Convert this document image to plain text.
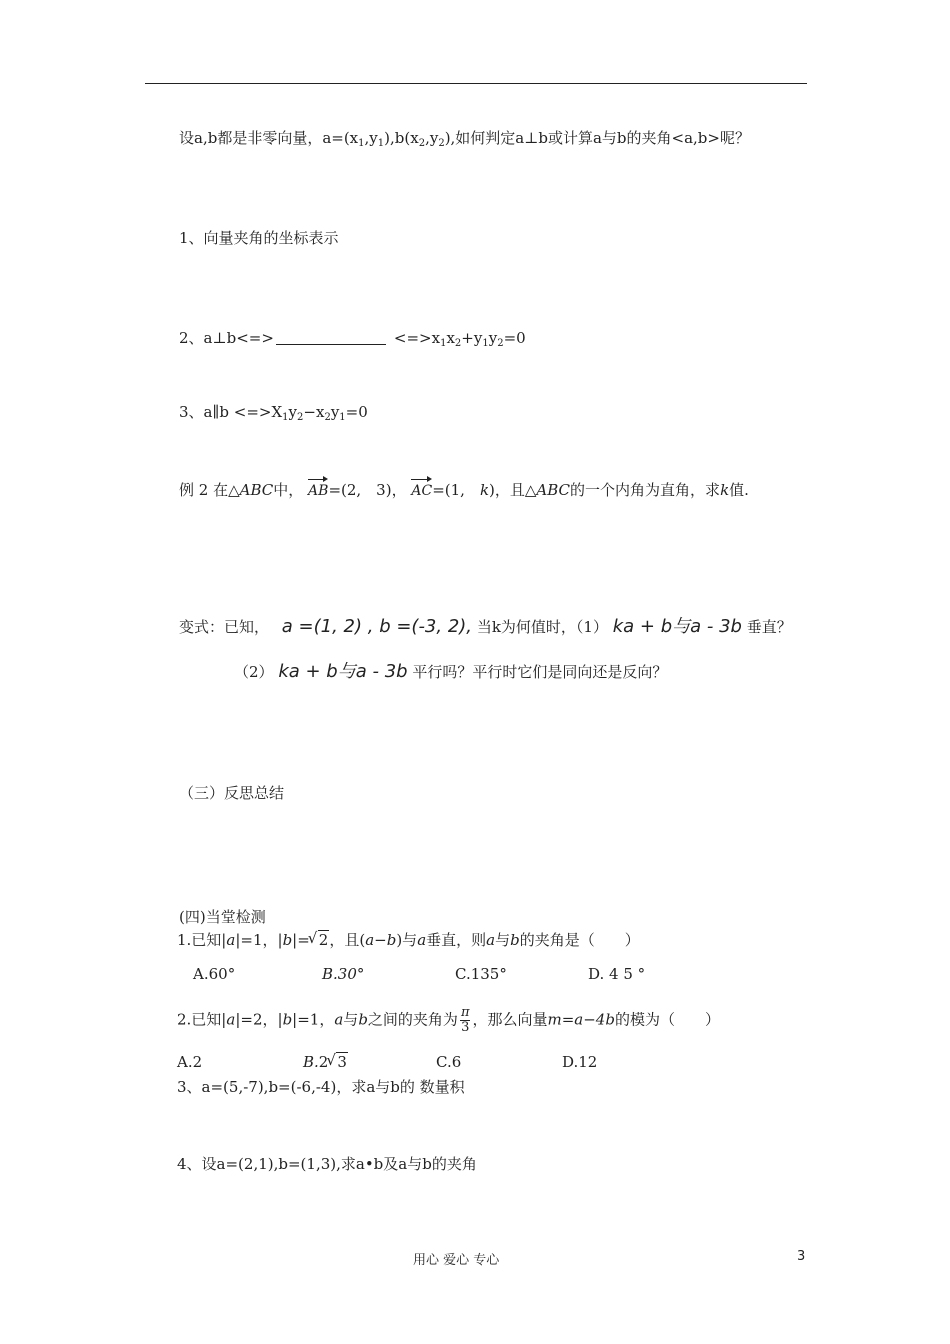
设a,b都是非零向量，$a=(x_1,y_1),b(x_2,y_2)$,如何判定a⊥b或计算a与b的夹角<a,b>呢？
1、向量夹角的坐标表示
2、a⊥b<=>	$<=>x_1x_2+y_1y_2=0$
3、a∥b $<=>X_1y_2-x_2y_1=0$
例 2 在△ABC中， AB=(2,　3)， AC=(1,　k)，且△ABC的一个内角为直角，求k值.
变式：已知， a =(1, 2) , b =(-3, 2), 当k为何值时，（1） ka + b与a - 3b 垂直？
（2） ka + b与a - 3b 平行吗？平行时它们是同向还是反向？
（三）反思总结
(四)当堂检测
1.已知|a|=1，|b|= √ 2，且(a−b)与a垂直，则a与b的夹角是（　　）
A.60°	B.30°	C.135°	D. 4 5 °
2.已知|a|=2，|b|=1，a与b之间的夹角为 $\frac{\pi}{3}$ ，那么向量m=a−4b的模为（　　）
A.2	B.2 √ 3	C.6	D.12
3、a=(5,-7),b=(-6,-4)，求a与b的 数量积
4、设a=(2,1),b=(1,3),求a•b及a与b的夹角
用心 爱心 专心	3
